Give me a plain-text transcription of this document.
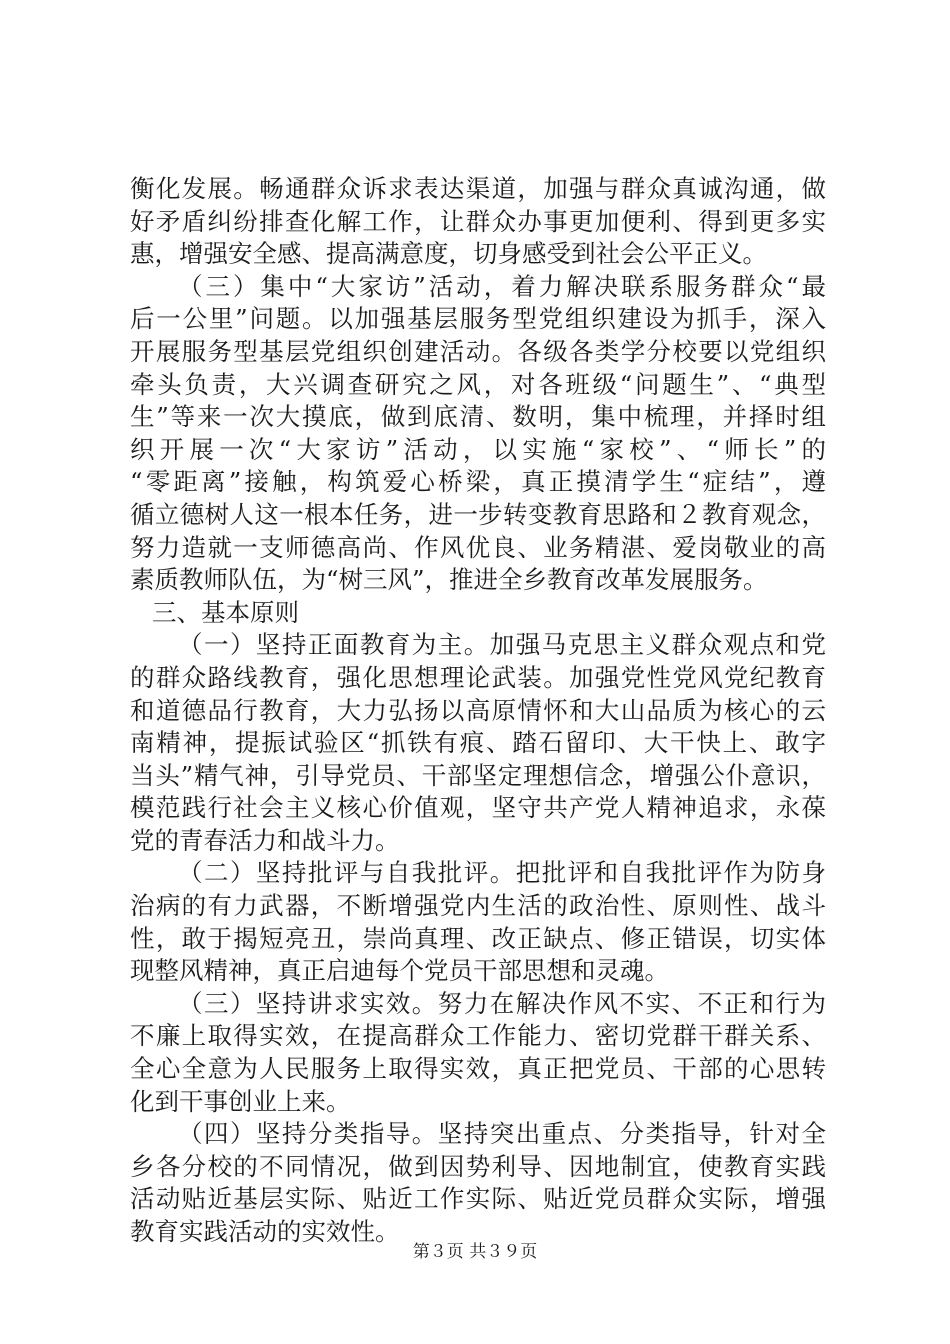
衡化发展。畅通群众诉求表达渠道，加强与群众真诚沟通，做
好矛盾纠纷排查化解工作，让群众办事更加便利、得到更多实
惠，增强安全感、提高满意度，切身感受到社会公平正义。
（三）集中“大家访”活动，着力解决联系服务群众“最
后一公里”问题。以加强基层服务型党组织建设为抓手，深入
开展服务型基层党组织创建活动。各级各类学分校要以党组织
牵头负责，大兴调查研究之风，对各班级“问题生”、“典型
生”等来一次大摸底，做到底清、数明，集中梳理，并择时组
织开展一次“大家访”活动，以实施“家校”、“师长”的
“零距离”接触，构筑爱心桥梁，真正摸清学生“症结”，遵
循立德树人这一根本任务，进一步转变教育思路和２教育观念，
努力造就一支师德高尚、作风优良、业务精湛、爱岗敬业的高
素质教师队伍，为“树三风”，推进全乡教育改革发展服务。
三、基本原则
（一）坚持正面教育为主。加强马克思主义群众观点和党
的群众路线教育，强化思想理论武装。加强党性党风党纪教育
和道德品行教育，大力弘扬以高原情怀和大山品质为核心的云
南精神，提振试验区“抓铁有痕、踏石留印、大干快上、敢字
当头”精气神，引导党员、干部坚定理想信念，增强公仆意识，
模范践行社会主义核心价值观，坚守共产党人精神追求，永葆
党的青春活力和战斗力。
（二）坚持批评与自我批评。把批评和自我批评作为防身
治病的有力武器，不断增强党内生活的政治性、原则性、战斗
性，敢于揭短亮丑，崇尚真理、改正缺点、修正错误，切实体
现整风精神，真正启迪每个党员干部思想和灵魂。
（三）坚持讲求实效。努力在解决作风不实、不正和行为
不廉上取得实效，在提高群众工作能力、密切党群干群关系、
全心全意为人民服务上取得实效，真正把党员、干部的心思转
化到干事创业上来。
（四）坚持分类指导。坚持突出重点、分类指导，针对全
乡各分校的不同情况，做到因势利导、因地制宜，使教育实践
活动贴近基层实际、贴近工作实际、贴近党员群众实际，增强
教育实践活动的实效性。
第３页 共３９页
